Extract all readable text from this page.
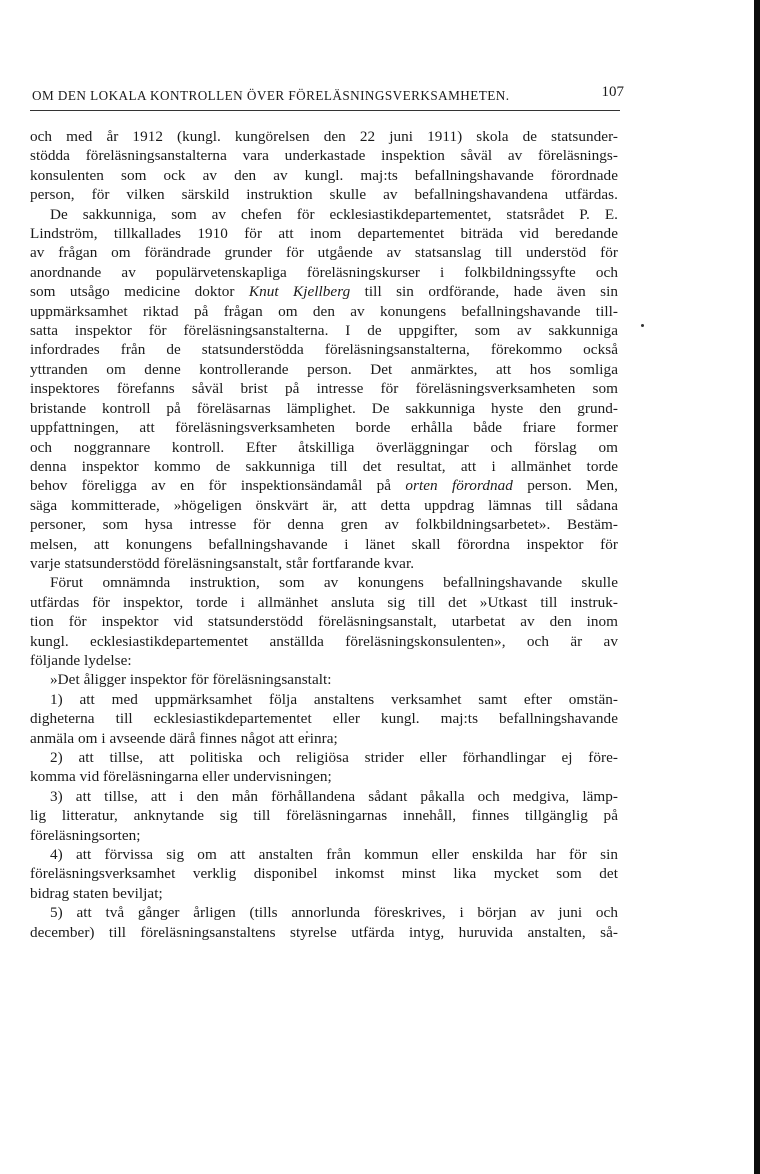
OM DEN LOKALA KONTROLLEN ÖVER FÖRELÄSNINGSVERKSAMHETEN.	107
och med år 1912 (kungl. kungörelsen den 22 juni 1911) skola de statsunder-
stödda föreläsningsanstalterna vara underkastade inspektion såväl av föreläsnings-
konsulenten som ock av den av kungl. maj:ts befallningshavande förordnade
person, för vilken särskild instruktion skulle av befallningshavandena utfärdas.
De sakkunniga, som av chefen för ecklesiastikdepartementet, statsrådet P. E.
Lindström, tillkallades 1910 för att inom departementet biträda vid beredande
av frågan om förändrade grunder för utgående av statsanslag till understöd för
anordnande av populärvetenskapliga föreläsningskurser i folkbildningssyfte och
som utsågo medicine doktor Knut Kjellberg till sin ordförande, hade även sin
uppmärksamhet riktad på frågan om den av konungens befallningshavande till-
satta inspektor för föreläsningsanstalterna. I de uppgifter, som av sakkunniga
infordrades från de statsunderstödda föreläsningsanstalterna, förekommo också
yttranden om denne kontrollerande person. Det anmärktes, att hos somliga
inspektores förefanns såväl brist på intresse för föreläsningsverksamheten som
bristande kontroll på föreläsarnas lämplighet. De sakkunniga hyste den grund-
uppfattningen, att föreläsningsverksamheten borde erhålla både friare former
och noggrannare kontroll. Efter åtskilliga överläggningar och förslag om
denna inspektor kommo de sakkunniga till det resultat, att i allmänhet torde
behov föreligga av en för inspektionsändamål på orten förordnad person. Men,
säga kommitterade, »högeligen önskvärt är, att detta uppdrag lämnas till sådana
personer, som hysa intresse för denna gren av folkbildningsarbetet». Bestäm-
melsen, att konungens befallningshavande i länet skall förordna inspektor för
varje statsunderstödd föreläsningsanstalt, står fortfarande kvar.
Förut omnämnda instruktion, som av konungens befallningshavande skulle
utfärdas för inspektor, torde i allmänhet ansluta sig till det »Utkast till instruk-
tion för inspektor vid statsunderstödd föreläsningsanstalt, utarbetat av den inom
kungl. ecklesiastikdepartementet anställda föreläsningskonsulenten», och är av
följande lydelse:
»Det åligger inspektor för föreläsningsanstalt:
1) att med uppmärksamhet följa anstaltens verksamhet samt efter omstän-
digheterna till ecklesiastikdepartementet eller kungl. maj:ts befallningshavande
anmäla om i avseende därå finnes något att erinra;
2) att tillse, att politiska och religiösa strider eller förhandlingar ej före-
komma vid föreläsningarna eller undervisningen;
3) att tillse, att i den mån förhållandena sådant påkalla och medgiva, lämp-
lig litteratur, anknytande sig till föreläsningarnas innehåll, finnes tillgänglig på
föreläsningsorten;
4) att förvissa sig om att anstalten från kommun eller enskilda har för sin
föreläsningsverksamhet verklig disponibel inkomst minst lika mycket som det
bidrag staten beviljat;
5) att två gånger årligen (tills annorlunda föreskrives, i början av juni och
december) till föreläsningsanstaltens styrelse utfärda intyg, huruvida anstalten, så-
